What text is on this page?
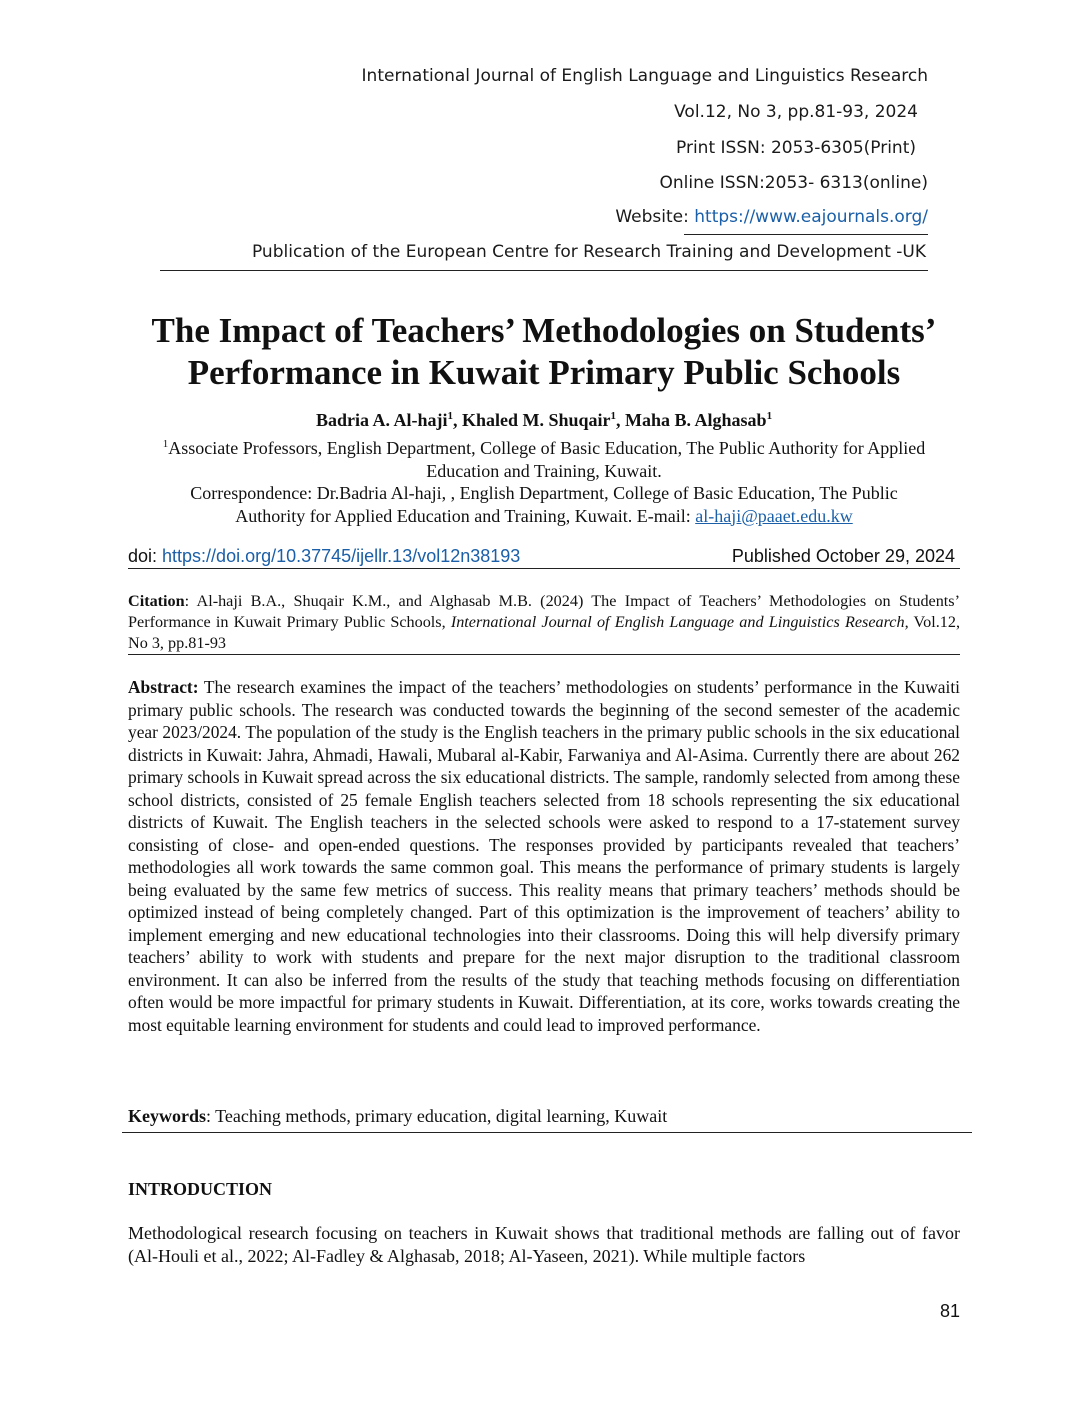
International Journal of English Language and Linguistics Research
Vol.12, No 3, pp.81-93, 2024
Print ISSN: 2053-6305(Print)
Online ISSN:2053- 6313(online)
Website: https://www.eajournals.org/
Publication of the European Centre for Research Training and Development -UK
The Impact of Teachers’ Methodologies on Students’
Performance in Kuwait Primary Public Schools
Badria A. Al-haji$^1$, Khaled M. Shuqair$^1$, Maha B. Alghasab$^1$
$^1$Associate Professors, English Department, College of Basic Education, The Public Authority for Applied
Education and Training, Kuwait.
Correspondence: Dr.Badria Al-haji, , English Department, College of Basic Education, The Public
Authority for Applied Education and Training, Kuwait. E-mail: al-haji@paaet.edu.kw
doi: https://doi.org/10.37745/ijellr.13/vol12n38193	Published October 29, 2024
Citation: Al-haji B.A., Shuqair K.M., and Alghasab M.B. (2024) The Impact of Teachers’ Methodologies on Students’ Performance in Kuwait Primary Public Schools, International Journal of English Language and Linguistics Research, Vol.12, No 3, pp.81-93
Abstract: The research examines the impact of the teachers’ methodologies on students’ performance in the Kuwaiti primary public schools. The research was conducted towards the beginning of the second semester of the academic year 2023/2024. The population of the study is the English teachers in the primary public schools in the six educational districts in Kuwait: Jahra, Ahmadi, Hawali, Mubaral al-Kabir, Farwaniya and Al-Asima. Currently there are about 262 primary schools in Kuwait spread across the six educational districts. The sample, randomly selected from among these school districts, consisted of 25 female English teachers selected from 18 schools representing the six educational districts of Kuwait. The English teachers in the selected schools were asked to respond to a 17-statement survey consisting of close- and open-ended questions. The responses provided by participants revealed that teachers’ methodologies all work towards the same common goal. This means the performance of primary students is largely being evaluated by the same few metrics of success. This reality means that primary teachers’ methods should be optimized instead of being completely changed. Part of this optimization is the improvement of teachers’ ability to implement emerging and new educational technologies into their classrooms. Doing this will help diversify primary teachers’ ability to work with students and prepare for the next major disruption to the traditional classroom environment. It can also be inferred from the results of the study that teaching methods focusing on differentiation often would be more impactful for primary students in Kuwait. Differentiation, at its core, works towards creating the most equitable learning environment for students and could lead to improved performance.
Keywords: Teaching methods, primary education, digital learning, Kuwait
INTRODUCTION
Methodological research focusing on teachers in Kuwait shows that traditional methods are falling out of favor (Al-Houli et al., 2022; Al-Fadley & Alghasab, 2018; Al-Yaseen, 2021). While multiple factors
81
